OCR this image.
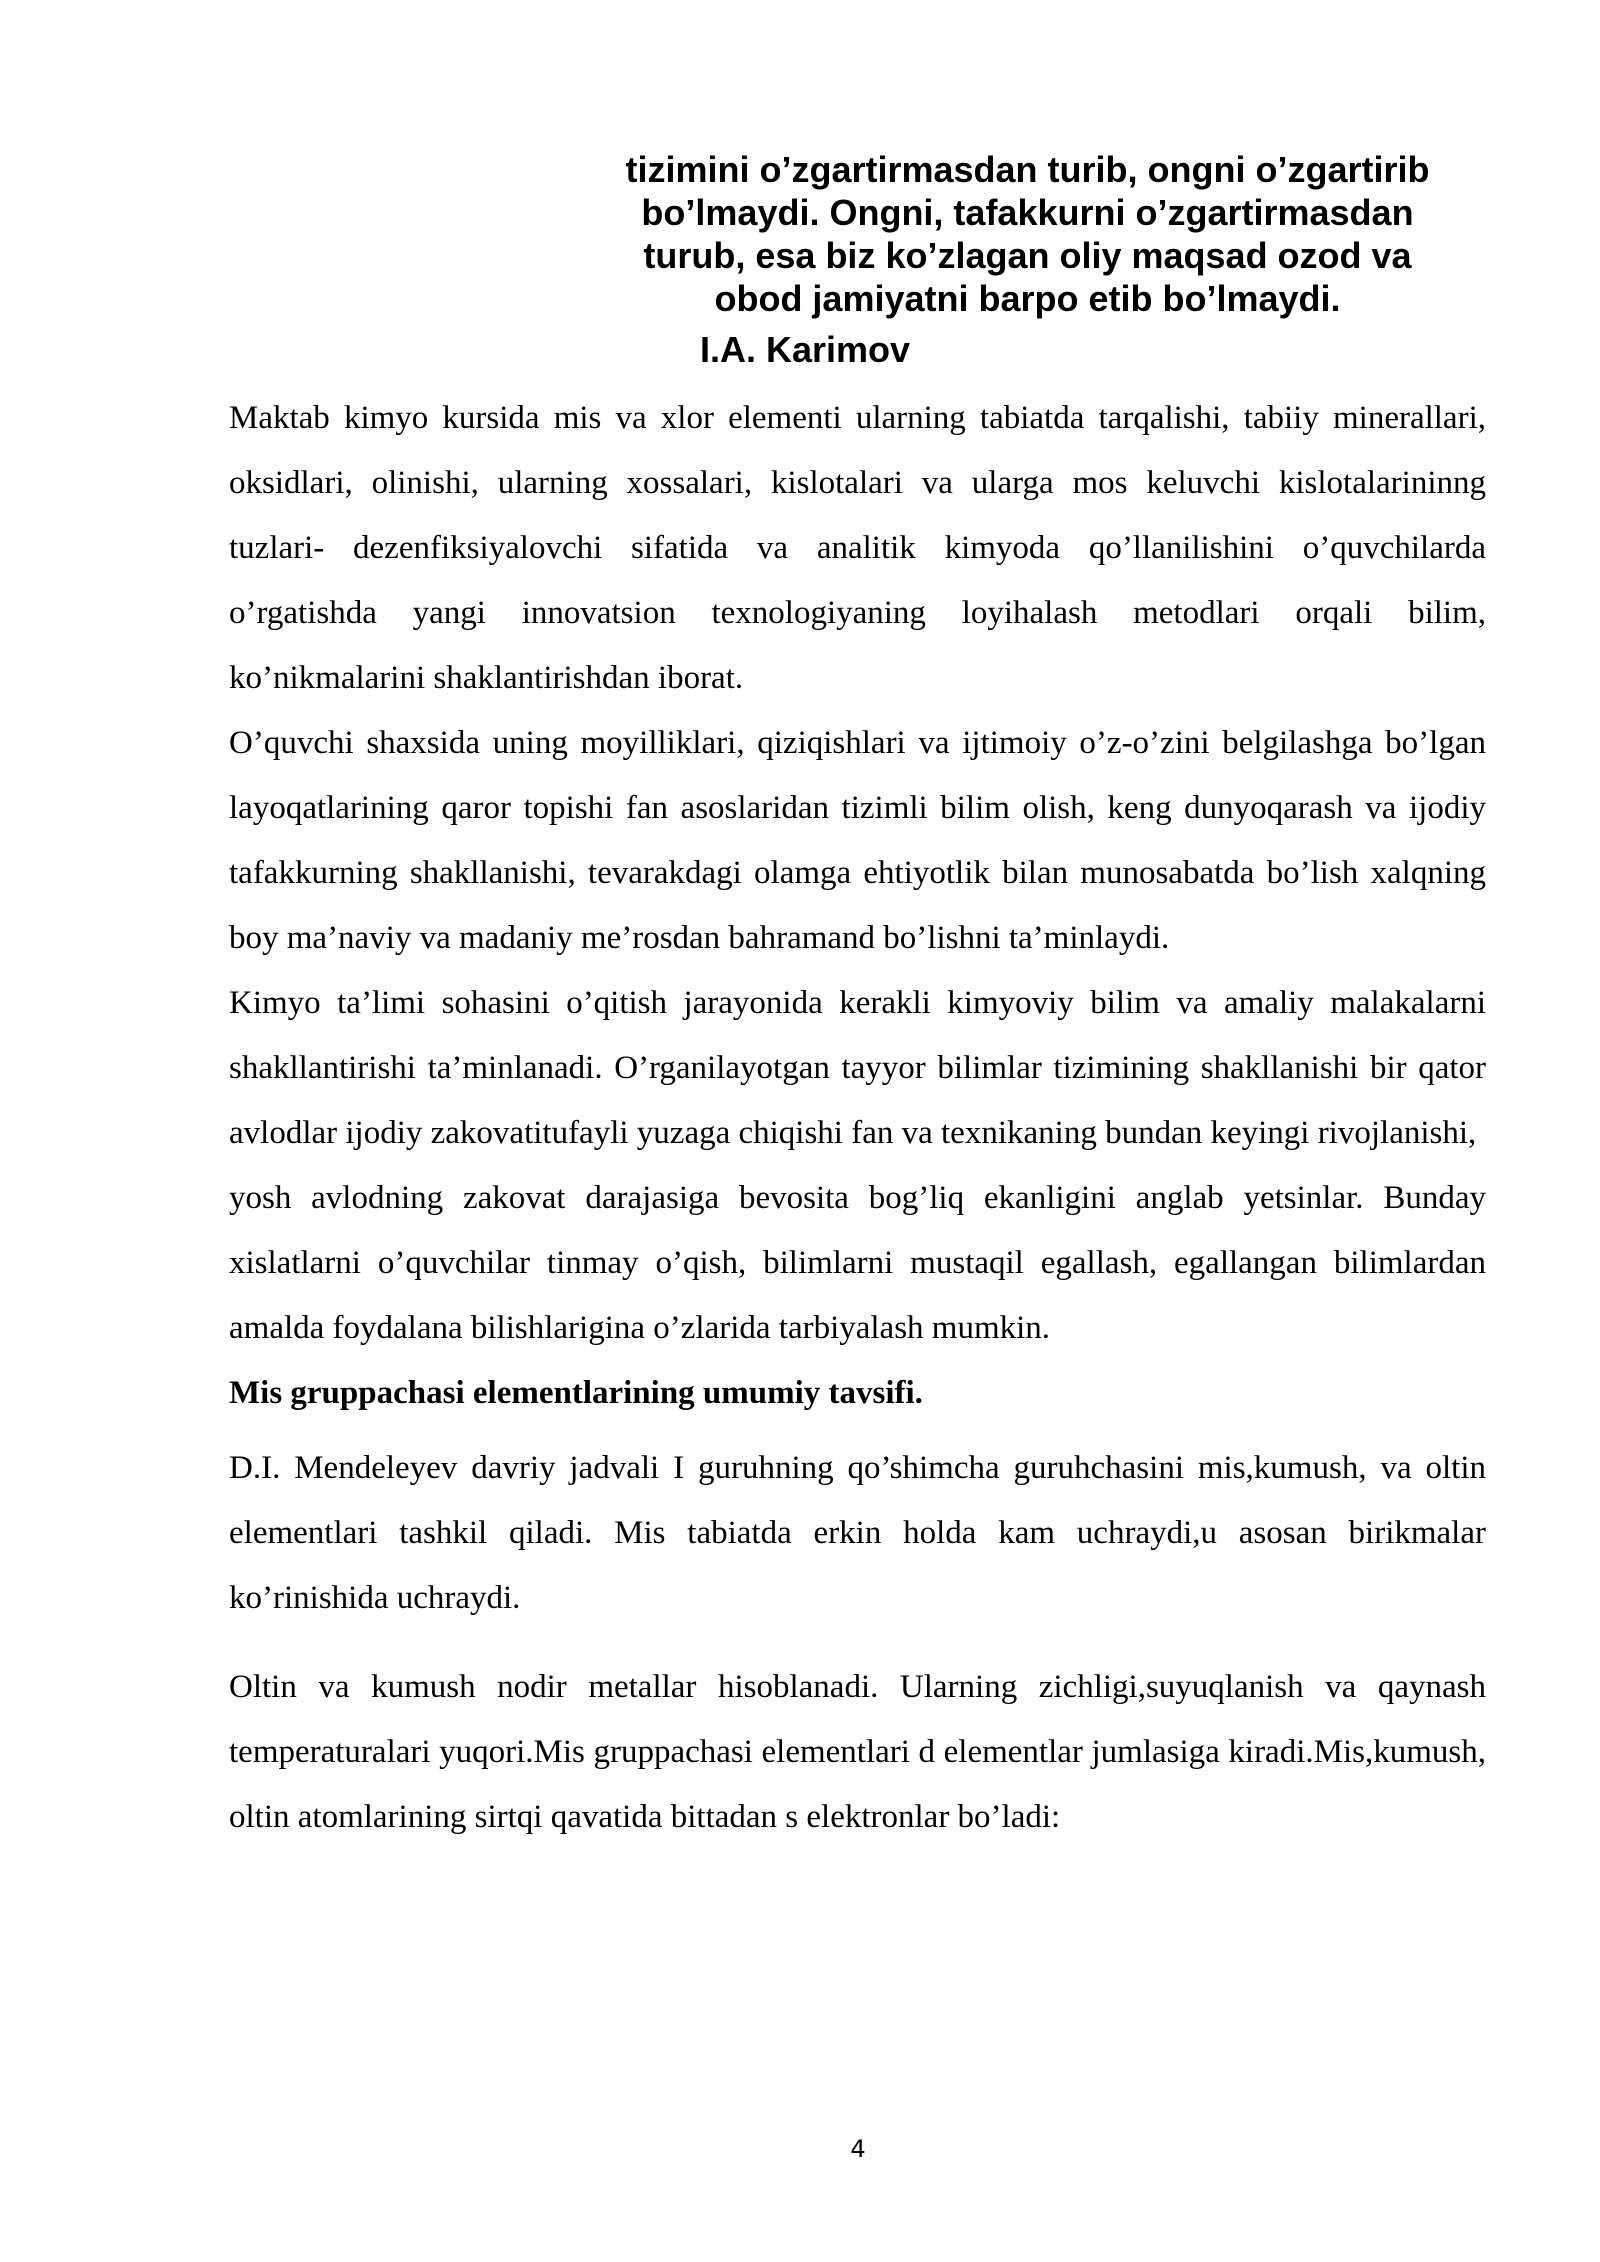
tizimini o’zgartirmasdan turib, ongni o’zgartirib
bo’lmaydi. Ongni, tafakkurni o’zgartirmasdan
turub, esa biz ko’zlagan oliy maqsad ozod va
obod jamiyatni barpo etib bo’lmaydi.
I.A. Karimov

Maktab kimyo kursida mis va xlor elementi ularning tabiatda tarqalishi, tabiiy minerallari, oksidlari, olinishi, ularning xossalari, kislotalari va ularga mos keluvchi kislotalarininng tuzlari- dezenfiksiyalovchi sifatida va analitik kimyoda qo’llanilishini o’quvchilarda o’rgatishda yangi innovatsion texnologiyaning loyihalash metodlari orqali bilim, ko’nikmalarini shaklantirishdan iborat.

O’quvchi shaxsida uning moyilliklari, qiziqishlari va ijtimoiy o’z-o’zini belgilashga bo’lgan layoqatlarining qaror topishi fan asoslaridan tizimli bilim olish, keng dunyoqarash va ijodiy tafakkurning shakllanishi, tevarakdagi olamga ehtiyotlik bilan munosabatda bo’lish xalqning boy ma’naviy va madaniy me’rosdan bahramand bo’lishni ta’minlaydi.

Kimyo ta’limi sohasini o’qitish jarayonida kerakli kimyoviy bilim va amaliy malakalarni shakllantirishi ta’minlanadi. O’rganilayotgan tayyor bilimlar tizimining shakllanishi bir qator avlodlar ijodiy zakovatitufayli yuzaga chiqishi fan va texnikaning bundan keyingi rivojlanishi,

yosh avlodning zakovat darajasiga bevosita bog’liq ekanligini anglab yetsinlar. Bunday xislatlarni o’quvchilar tinmay o’qish, bilimlarni mustaqil egallash, egallangan bilimlardan amalda foydalana bilishlarigina o’zlarida tarbiyalash mumkin.

Mis gruppachasi elementlarining umumiy tavsifi.

D.I. Mendeleyev davriy jadvali I guruhning qo’shimcha guruhchasini mis,kumush, va oltin elementlari tashkil qiladi. Mis tabiatda erkin holda kam uchraydi,u asosan birikmalar ko’rinishida uchraydi.

Oltin va kumush nodir metallar hisoblanadi. Ularning zichligi,suyuqlanish va qaynash temperaturalari yuqori.Mis gruppachasi elementlari d elementlar jumlasiga kiradi.Mis,kumush, oltin atomlarining sirtqi qavatida bittadan s elektronlar bo’ladi:

4
